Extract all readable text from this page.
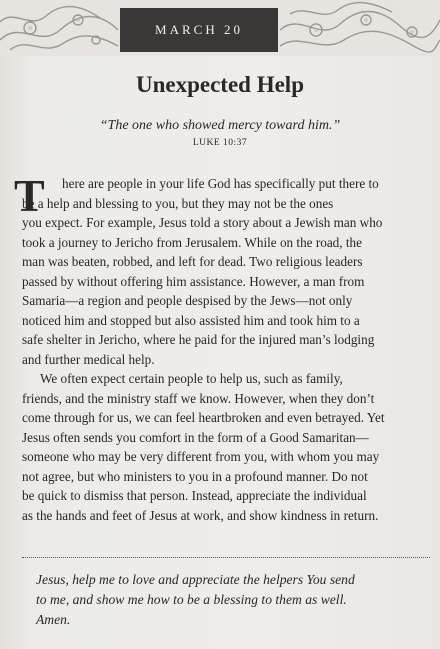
MARCH 20
Unexpected Help
“The one who showed mercy toward him.”
LUKE 10:37
T	here are people in your life God has specifically put there to
be a help and blessing to you, but they may not be the ones
you expect. For example, Jesus told a story about a Jewish man who
took a journey to Jericho from Jerusalem. While on the road, the
man was beaten, robbed, and left for dead. Two religious leaders
passed by without offering him assistance. However, a man from
Samaria—a region and people despised by the Jews—not only
noticed him and stopped but also assisted him and took him to a
safe shelter in Jericho, where he paid for the injured man’s lodging
and further medical help.
We often expect certain people to help us, such as family,
friends, and the ministry staff we know. However, when they don’t
come through for us, we can feel heartbroken and even betrayed. Yet
Jesus often sends you comfort in the form of a Good Samaritan—
someone who may be very different from you, with whom you may
not agree, but who ministers to you in a profound manner. Do not
be quick to dismiss that person. Instead, appreciate the individual
as the hands and feet of Jesus at work, and show kindness in return.
Jesus, help me to love and appreciate the helpers You send
to me, and show me how to be a blessing to them as well.
Amen.
